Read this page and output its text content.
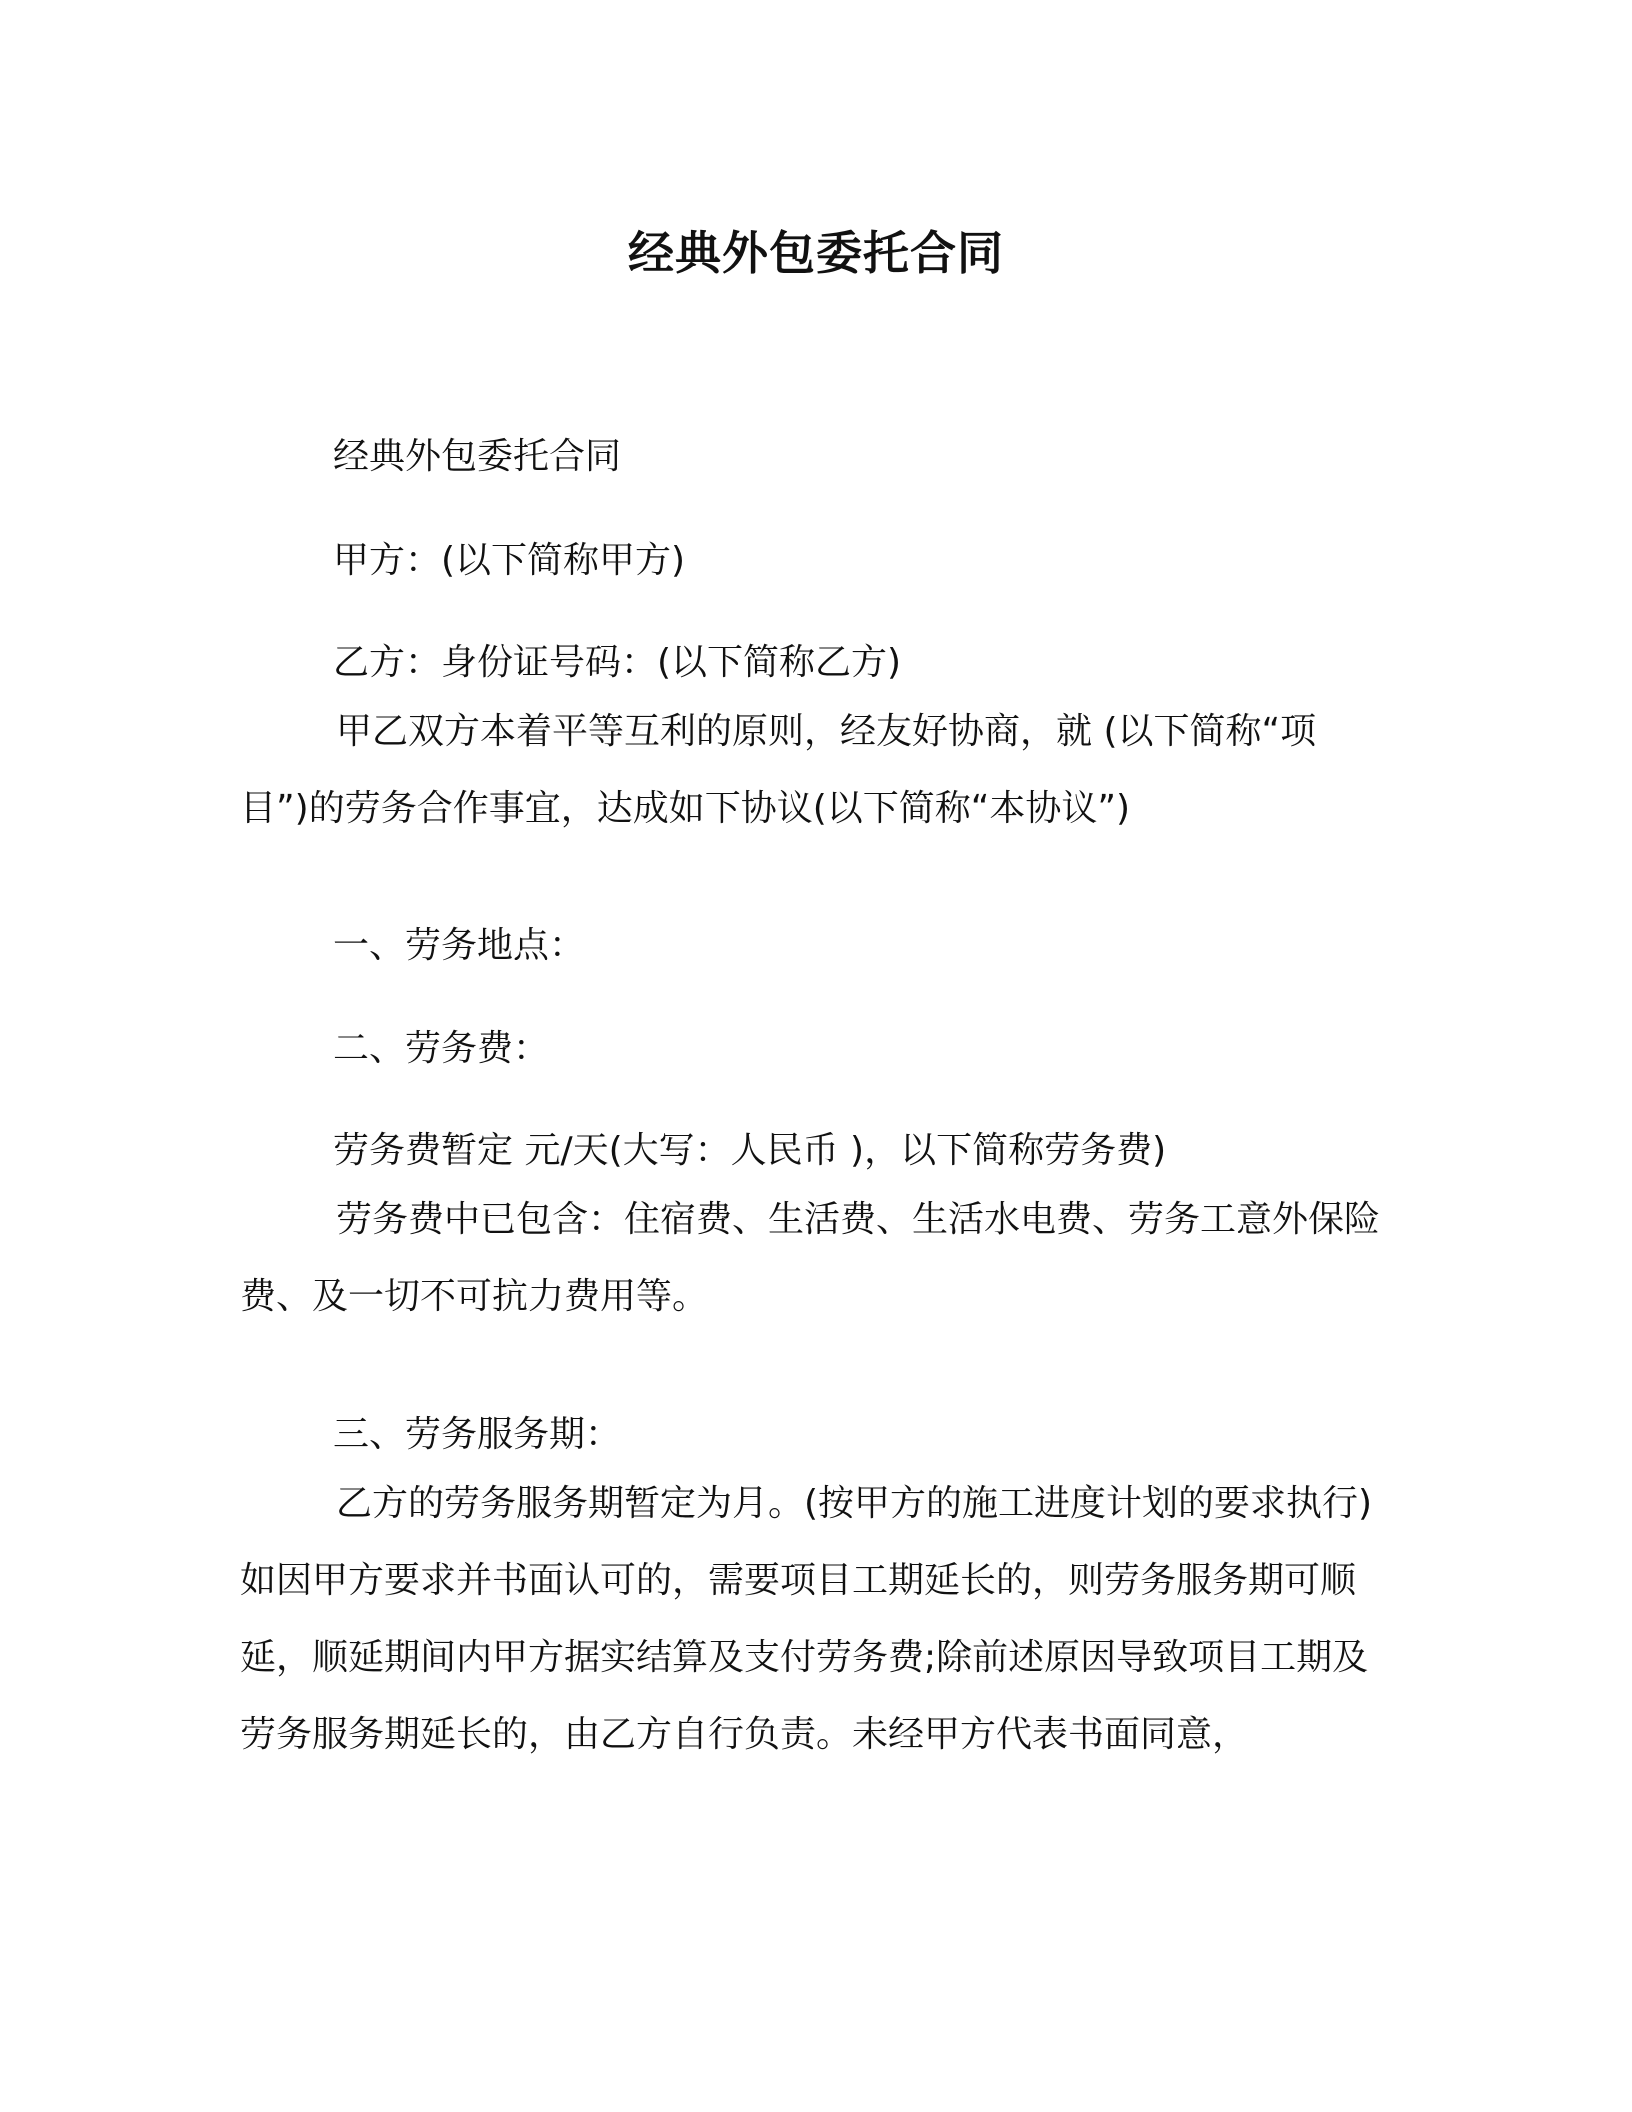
经典外包委托合同

经典外包委托合同

甲方：(以下简称甲方)

乙方：身份证号码：(以下简称乙方)

甲乙双方本着平等互利的原则，经友好协商，就 (以下简称“项目”)的劳务合作事宜，达成如下协议(以下简称“本协议”)

一、劳务地点：

二、劳务费：

劳务费暂定 元/天(大写：人民币 )，以下简称劳务费)

劳务费中已包含：住宿费、生活费、生活水电费、劳务工意外保险费、及一切不可抗力费用等。

三、劳务服务期：

乙方的劳务服务期暂定为月。(按甲方的施工进度计划的要求执行)如因甲方要求并书面认可的，需要项目工期延长的，则劳务服务期可顺延，顺延期间内甲方据实结算及支付劳务费;除前述原因导致项目工期及劳务服务期延长的，由乙方自行负责。未经甲方代表书面同意，
